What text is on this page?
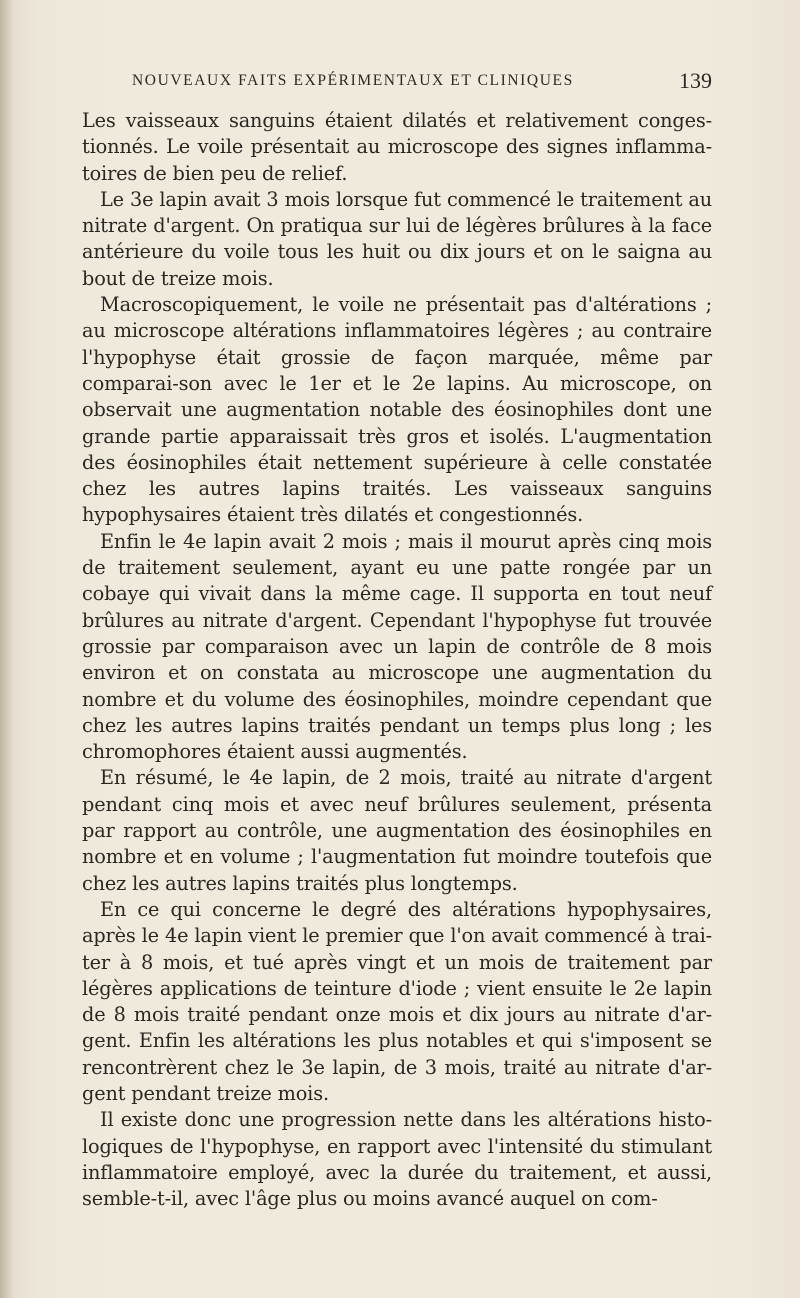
NOUVEAUX FAITS EXPÉRIMENTAUX ET CLINIQUES	139

Les vaisseaux sanguins étaient dilatés et relativement conges-tionnés. Le voile présentait au microscope des signes inflamma-toires de bien peu de relief.

Le 3e lapin avait 3 mois lorsque fut commencé le traitement au nitrate d'argent. On pratiqua sur lui de légères brûlures à la face antérieure du voile tous les huit ou dix jours et on le saigna au bout de treize mois.

Macroscopiquement, le voile ne présentait pas d'altérations ; au microscope altérations inflammatoires légères ; au contraire l'hypophyse était grossie de façon marquée, même par comparai-son avec le 1er et le 2e lapins. Au microscope, on observait une augmentation notable des éosinophiles dont une grande partie apparaissait très gros et isolés. L'augmentation des éosinophiles était nettement supérieure à celle constatée chez les autres lapins traités. Les vaisseaux sanguins hypophysaires étaient très dilatés et congestionnés.

Enfin le 4e lapin avait 2 mois ; mais il mourut après cinq mois de traitement seulement, ayant eu une patte rongée par un cobaye qui vivait dans la même cage. Il supporta en tout neuf brûlures au nitrate d'argent. Cependant l'hypophyse fut trouvée grossie par comparaison avec un lapin de contrôle de 8 mois environ et on constata au microscope une augmentation du nombre et du volume des éosinophiles, moindre cependant que chez les autres lapins traités pendant un temps plus long ; les chromophores étaient aussi augmentés.

En résumé, le 4e lapin, de 2 mois, traité au nitrate d'argent pendant cinq mois et avec neuf brûlures seulement, présenta par rapport au contrôle, une augmentation des éosinophiles en nombre et en volume ; l'augmentation fut moindre toutefois que chez les autres lapins traités plus longtemps.

En ce qui concerne le degré des altérations hypophysaires, après le 4e lapin vient le premier que l'on avait commencé à trai-ter à 8 mois, et tué après vingt et un mois de traitement par légères applications de teinture d'iode ; vient ensuite le 2e lapin de 8 mois traité pendant onze mois et dix jours au nitrate d'ar-gent. Enfin les altérations les plus notables et qui s'imposent se rencontrèrent chez le 3e lapin, de 3 mois, traité au nitrate d'ar-gent pendant treize mois.

Il existe donc une progression nette dans les altérations histo-logiques de l'hypophyse, en rapport avec l'intensité du stimulant inflammatoire employé, avec la durée du traitement, et aussi, semble-t-il, avec l'âge plus ou moins avancé auquel on com-
